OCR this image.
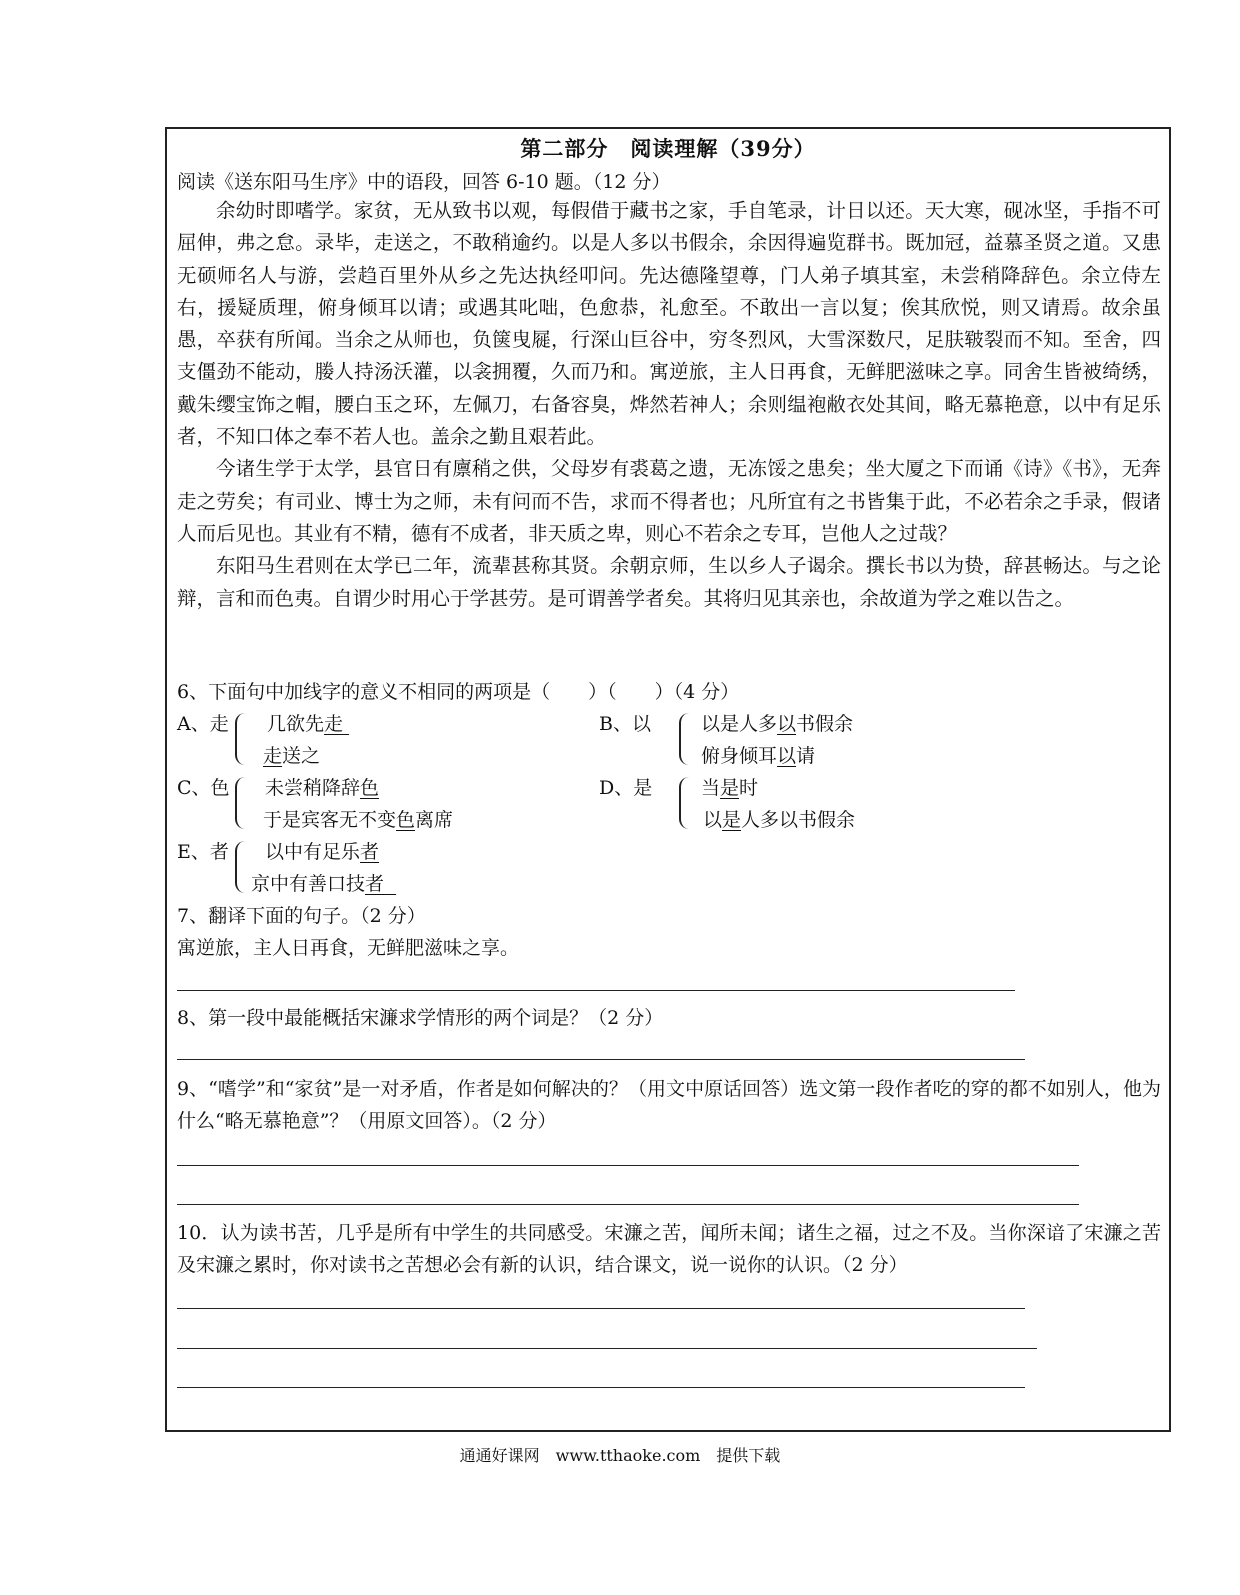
第二部分　阅读理解（39分）
阅读《送东阳马生序》中的语段，回答 6-10 题。（12 分）

余幼时即嗜学。家贫，无从致书以观，每假借于藏书之家，手自笔录，计日以还。天大寒，砚冰坚，手指不可屈伸，弗之怠。录毕，走送之，不敢稍逾约。以是人多以书假余，余因得遍览群书。既加冠，益慕圣贤之道。又患无硕师名人与游，尝趋百里外从乡之先达执经叩问。先达德隆望尊，门人弟子填其室，未尝稍降辞色。余立侍左右，援疑质理，俯身倾耳以请；或遇其叱咄，色愈恭，礼愈至。不敢出一言以复；俟其欣悦，则又请焉。故余虽愚，卒获有所闻。当余之从师也，负箧曳屣，行深山巨谷中，穷冬烈风，大雪深数尺，足肤皲裂而不知。至舍，四支僵劲不能动，媵人持汤沃灌，以衾拥覆，久而乃和。寓逆旅，主人日再食，无鲜肥滋味之享。同舍生皆被绮绣，戴朱缨宝饰之帽，腰白玉之环，左佩刀，右备容臭，烨然若神人；余则缊袍敝衣处其间，略无慕艳意，以中有足乐者，不知口体之奉不若人也。盖余之勤且艰若此。

今诸生学于太学，县官日有廪稍之供，父母岁有裘葛之遗，无冻馁之患矣；坐大厦之下而诵《诗》《书》，无奔走之劳矣；有司业、博士为之师，未有问而不告，求而不得者也；凡所宜有之书皆集于此，不必若余之手录，假诸人而后见也。其业有不精，德有不成者，非天质之卑，则心不若余之专耳，岂他人之过哉？

东阳马生君则在太学已二年，流辈甚称其贤。余朝京师，生以乡人子谒余。撰长书以为贽，辞甚畅达。与之论辩，言和而色夷。自谓少时用心于学甚劳。是可谓善学者矣。其将归见其亲也，余故道为学之难以告之。

6、下面句中加线字的意义不相同的两项是（　　）（　　）（4 分）
A、走 几欲先走
走送之
B、以	以是人多以书假余
俯身倾耳以请
C、色 未尝稍降辞色
于是宾客无不变色离席
D、是	当是时
以是人多以书假余
E、者 以中有足乐者
京中有善口技者
7、翻译下面的句子。（2 分）
寓逆旅，主人日再食，无鲜肥滋味之享。
8、第一段中最能概括宋濂求学情形的两个词是？（2 分）
9、“嗜学”和“家贫”是一对矛盾，作者是如何解决的？（用文中原话回答）选文第一段作者吃的穿的都不如别人，他为什么“略无慕艳意”？（用原文回答）。（2 分）
10．认为读书苦，几乎是所有中学生的共同感受。宋濂之苦，闻所未闻；诸生之福，过之不及。当你深谙了宋濂之苦及宋濂之累时，你对读书之苦想必会有新的认识，结合课文，说一说你的认识。（2 分）
通通好课网　www.tthaoke.com　提供下载
